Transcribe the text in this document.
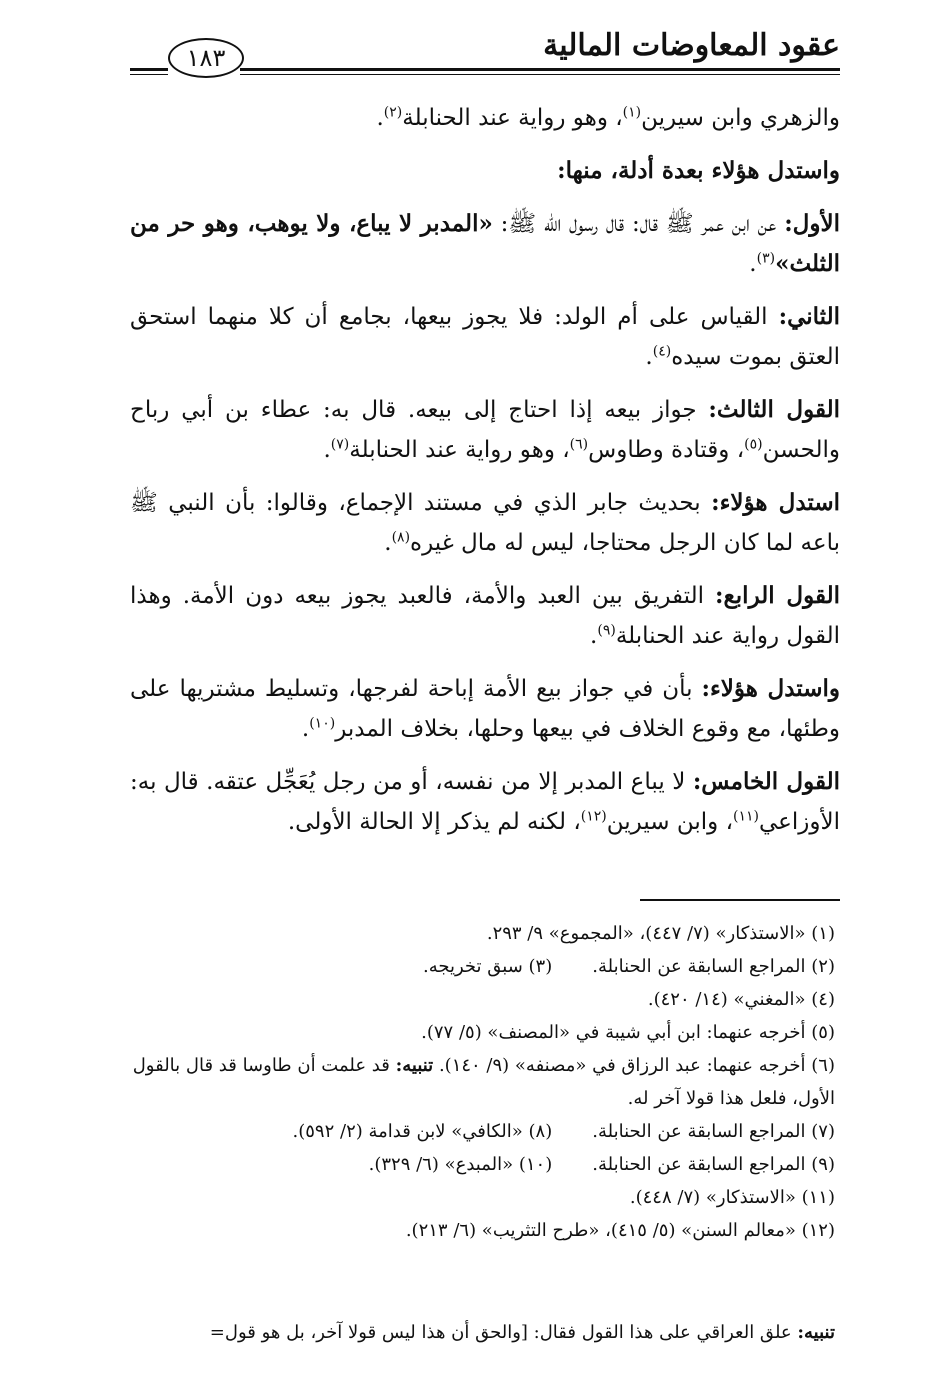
عقود المعاوضات المالية
١٨٣

والزهري وابن سيرين$^{(١)}$، وهو رواية عند الحنابلة$^{(٢)}$.

واستدل هؤلاء بعدة أدلة، منها:

الأول: عن ابن عمر ﷺ قال: قال رسول الله ﷺ: «المدبر لا يباع، ولا يوهب، وهو حر من الثلث»$^{(٣)}$.

الثاني: القياس على أم الولد: فلا يجوز بيعها، بجامع أن كلا منهما استحق العتق بموت سيده$^{(٤)}$.

القول الثالث: جواز بيعه إذا احتاج إلى بيعه. قال به: عطاء بن أبي رباح والحسن$^{(٥)}$، وقتادة وطاوس$^{(٦)}$، وهو رواية عند الحنابلة$^{(٧)}$.

استدل هؤلاء: بحديث جابر الذي في مستند الإجماع، وقالوا: بأن النبي ﷺ باعه لما كان الرجل محتاجا، ليس له مال غيره$^{(٨)}$.

القول الرابع: التفريق بين العبد والأمة، فالعبد يجوز بيعه دون الأمة. وهذا القول رواية عند الحنابلة$^{(٩)}$.

واستدل هؤلاء: بأن في جواز بيع الأمة إباحة لفرجها، وتسليط مشتريها على وطئها، مع وقوع الخلاف في بيعها وحلها، بخلاف المدبر$^{(١٠)}$.

القول الخامس: لا يباع المدبر إلا من نفسه، أو من رجل يُعَجِّل عتقه. قال به: الأوزاعي$^{(١١)}$، وابن سيرين$^{(١٢)}$، لكنه لم يذكر إلا الحالة الأولى.

(١) «الاستذكار» (٧/ ٤٤٧)، «المجموع» ٩/ ٢٩٣.
(٢) المراجع السابقة عن الحنابلة.
(٣) سبق تخريجه.
(٤) «المغني» (١٤/ ٤٢٠).
(٥) أخرجه عنهما: ابن أبي شيبة في «المصنف» (٥/ ٧٧).
(٦) أخرجه عنهما: عبد الرزاق في «مصنفه» (٩/ ١٤٠). تنبيه: قد علمت أن طاوسا قد قال بالقول الأول، فلعل هذا قولا آخر له.
(٧) المراجع السابقة عن الحنابلة.
(٨) «الكافي» لابن قدامة (٢/ ٥٩٢).
(٩) المراجع السابقة عن الحنابلة.
(١٠) «المبدع» (٦/ ٣٢٩).
(١١) «الاستذكار» (٧/ ٤٤٨).
(١٢) «معالم السنن» (٥/ ٤١٥)، «طرح التثريب» (٦/ ٢١٣).
تنبيه: علق العراقي على هذا القول فقال: [والحق أن هذا ليس قولا آخر، بل هو قول=
